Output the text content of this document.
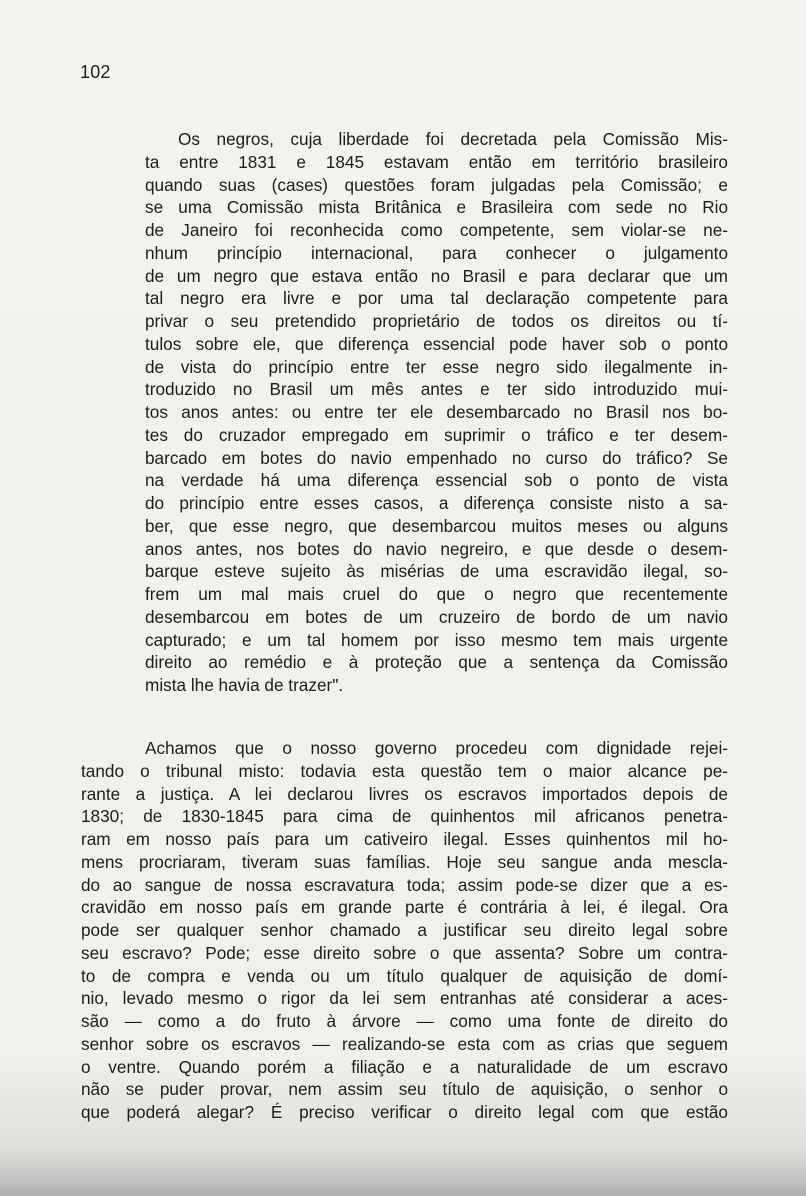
102
Os negros, cuja liberdade foi decretada pela Comissão Mis-
ta entre 1831 e 1845 estavam então em território brasileiro
quando suas (cases) questões foram julgadas pela Comissão; e
se uma Comissão mista Britânica e Brasileira com sede no Rio
de Janeiro foi reconhecida como competente, sem violar-se ne-
nhum princípio internacional, para conhecer o julgamento
de um negro que estava então no Brasil e para declarar que um
tal negro era livre e por uma tal declaração competente para
privar o seu pretendido proprietário de todos os direitos ou tí-
tulos sobre ele, que diferença essencial pode haver sob o ponto
de vista do princípio entre ter esse negro sido ilegalmente in-
troduzido no Brasil um mês antes e ter sido introduzido mui-
tos anos antes: ou entre ter ele desembarcado no Brasil nos bo-
tes do cruzador empregado em suprimir o tráfico e ter desem-
barcado em botes do navio empenhado no curso do tráfico? Se
na verdade há uma diferença essencial sob o ponto de vista
do princípio entre esses casos, a diferença consiste nisto a sa-
ber, que esse negro, que desembarcou muitos meses ou alguns
anos antes, nos botes do navio negreiro, e que desde o desem-
barque esteve sujeito às misérias de uma escravidão ilegal, so-
frem um mal mais cruel do que o negro que recentemente
desembarcou em botes de um cruzeiro de bordo de um navio
capturado; e um tal homem por isso mesmo tem mais urgente
direito ao remédio e à proteção que a sentença da Comissão
mista lhe havia de trazer".
Achamos que o nosso governo procedeu com dignidade rejei-
tando o tribunal misto: todavia esta questão tem o maior alcance pe-
rante a justiça. A lei declarou livres os escravos importados depois de
1830; de 1830-1845 para cima de quinhentos mil africanos penetra-
ram em nosso país para um cativeiro ilegal. Esses quinhentos mil ho-
mens procriaram, tiveram suas famílias. Hoje seu sangue anda mescla-
do ao sangue de nossa escravatura toda; assim pode-se dizer que a es-
cravidão em nosso país em grande parte é contrária à lei, é ilegal. Ora
pode ser qualquer senhor chamado a justificar seu direito legal sobre
seu escravo? Pode; esse direito sobre o que assenta? Sobre um contra-
to de compra e venda ou um título qualquer de aquisição de domí-
nio, levado mesmo o rigor da lei sem entranhas até considerar a aces-
são — como a do fruto à árvore — como uma fonte de direito do
senhor sobre os escravos — realizando-se esta com as crias que seguem
o ventre. Quando porém a filiação e a naturalidade de um escravo
não se puder provar, nem assim seu título de aquisição, o senhor o
que poderá alegar? É preciso verificar o direito legal com que estão
